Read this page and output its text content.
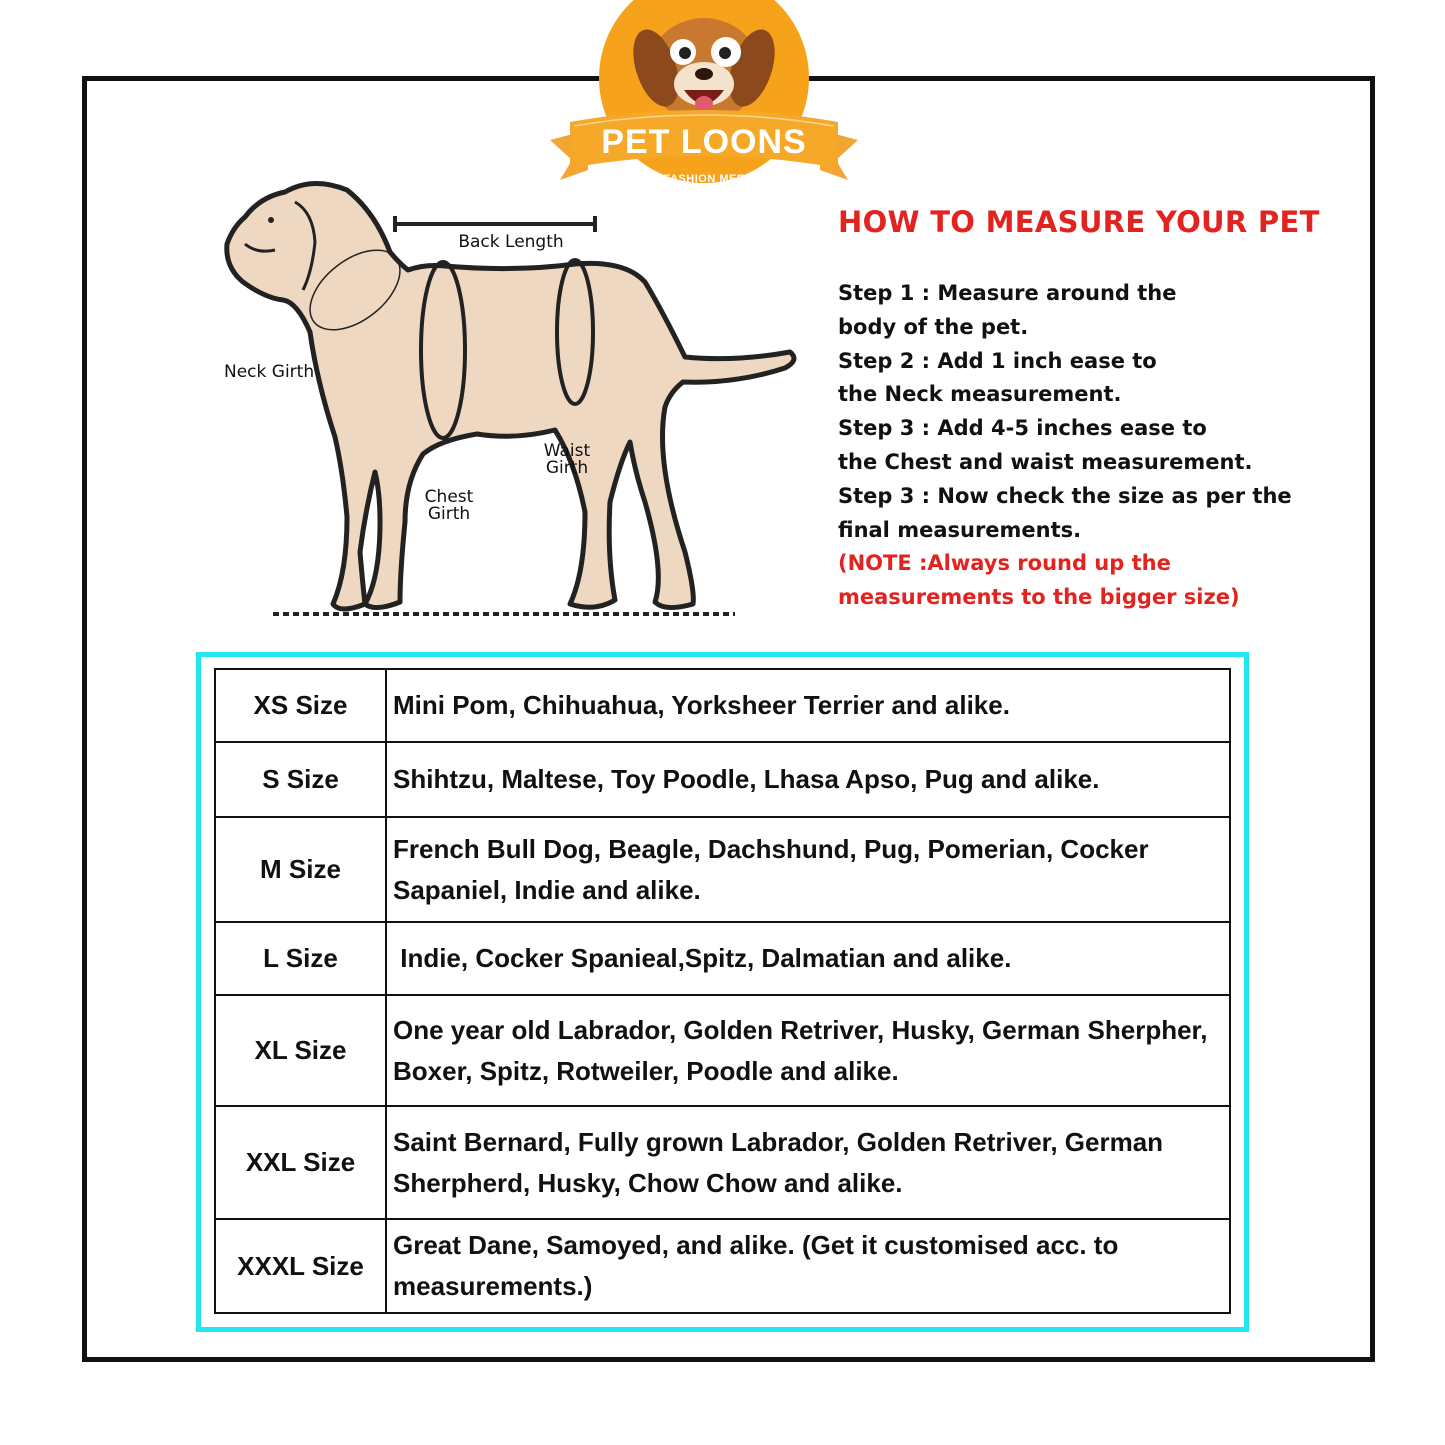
PET LOONS
WHERE FASHION MEETS FUR!
Back Length
Neck Girth
Chest
Girth
Waist
Girth
HOW TO MEASURE YOUR PET
Step 1 : Measure around the
body of the pet.
Step 2 : Add 1 inch ease to
the Neck measurement.
Step 3 : Add 4-5 inches ease to
the Chest and waist measurement.
Step 3 : Now check the size as per the
final measurements.
(NOTE :Always round up the
measurements to the bigger size)
XS Size	Mini Pom, Chihuahua, Yorksheer Terrier and alike.
S Size	Shihtzu, Maltese, Toy Poodle, Lhasa Apso, Pug and alike.
M Size	French Bull Dog, Beagle, Dachshund, Pug, Pomerian, Cocker Sapaniel, Indie and alike.
L Size	Indie, Cocker Spanieal,Spitz, Dalmatian and alike.
XL Size	One year old Labrador, Golden Retriver, Husky, German Sherpher, Boxer, Spitz, Rotweiler, Poodle and alike.
XXL Size	Saint Bernard, Fully grown Labrador, Golden Retriver, German Sherpherd, Husky, Chow Chow and alike.
XXXL Size	Great Dane, Samoyed, and alike. (Get it customised acc. to measurements.)
